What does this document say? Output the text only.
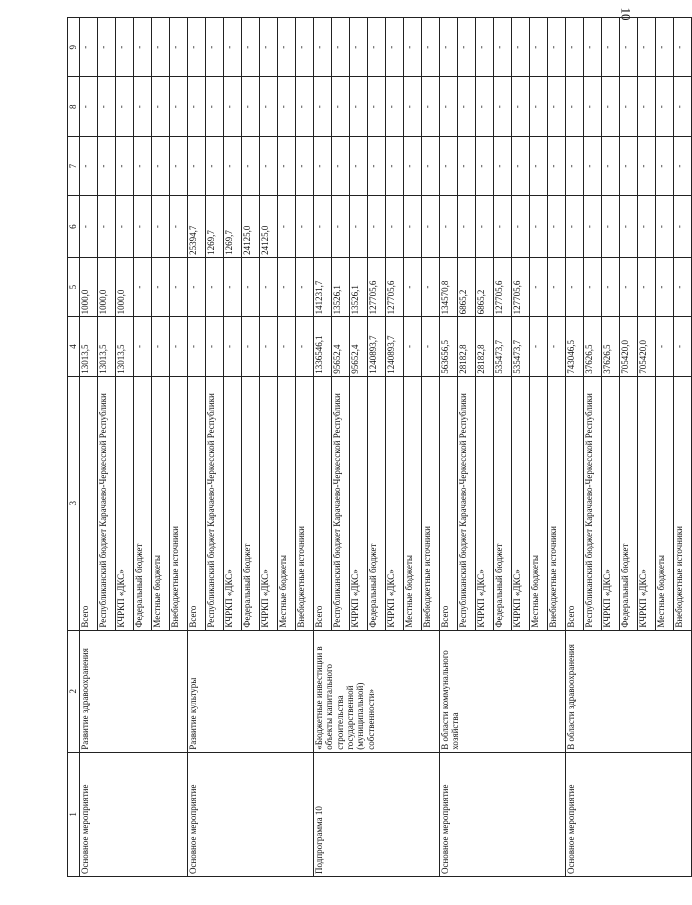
10
1	2	3	4	5	6	7	8	9
Основное мероприятие	Развитие здравоохранения	Всего	13013,5	1000,0	-	-	-	-
		Республиканский бюджет Карачаево-Черкесской Республики	13013,5	1000,0	-	-	-	-
		КЧРКП «ДКС»	13013,5	1000,0	-	-	-	-
		Федеральный бюджет	-	-	-	-	-	-
		Местные бюджеты	-	-	-	-	-	-
		Внебюджетные источники	-	-	-	-	-	-
Основное мероприятие	Развитие культуры	Всего	-	-	25394,7	-	-	-
		Республиканский бюджет Карачаево-Черкесской Республики	-	-	1269,7	-	-	-
		КЧРКП «ДКС»	-	-	1269,7	-	-	-
		Федеральный бюджет	-	-	24125,0	-	-	-
		КЧРКП «ДКС»	-	-	24125,0	-	-	-
		Местные бюджеты	-	-	-	-	-	-
		Внебюджетные источники	-	-	-	-	-	-
Подпрограмма 10	«Бюджетные инвестиции в объекты капитального строительства государственной (муниципальной) собственности»	Всего	1336546,1	141231,7	-	-	-	-
		Республиканский бюджет Карачаево-Черкесской Республики	95652,4	13526,1	-	-	-	-
		КЧРКП «ДКС»	95652,4	13526,1	-	-	-	-
		Федеральный бюджет	1240893,7	127705,6	-	-	-	-
		КЧРКП «ДКС»	1240893,7	127705,6	-	-	-	-
		Местные бюджеты	-	-	-	-	-	-
		Внебюджетные источники	-	-	-	-	-	-
Основное мероприятие	В области коммунального хозяйства	Всего	563656,5	134570,8	-	-	-	-
		Республиканский бюджет Карачаево-Черкесской Республики	28182,8	6865,2	-	-	-	-
		КЧРКП «ДКС»	28182,8	6865,2	-	-	-	-
		Федеральный бюджет	535473,7	127705,6	-	-	-	-
		КЧРКП «ДКС»	535473,7	127705,6	-	-	-	-
		Местные бюджеты	-	-	-	-	-	-
		Внебюджетные источники	-	-	-	-	-	-
Основное мероприятие	В области здравоохранения	Всего	743046,5	-	-	-	-	-
		Республиканский бюджет Карачаево-Черкесской Республики	37626,5	-	-	-	-	-
		КЧРКП «ДКС»	37626,5	-	-	-	-	-
		Федеральный бюджет	705420,0	-	-	-	-	-
		КЧРКП «ДКС»	705420,0	-	-	-	-	-
		Местные бюджеты	-	-	-	-	-	-
		Внебюджетные источники	-	-	-	-	-	-
